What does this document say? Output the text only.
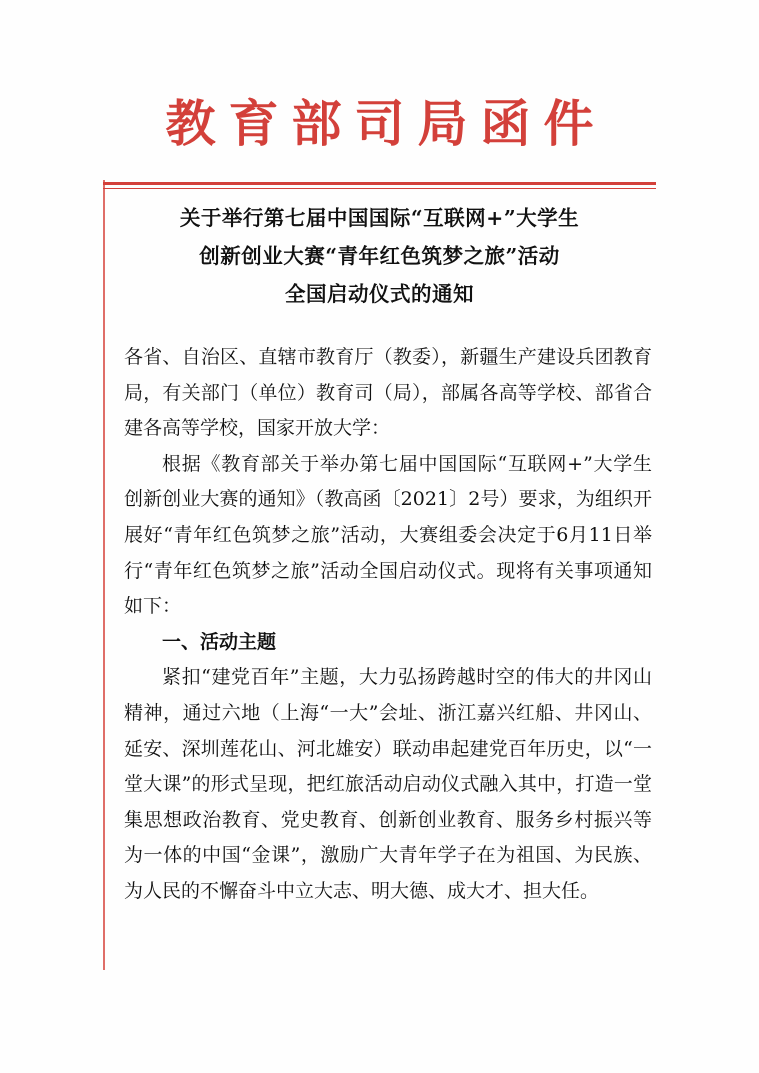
教育部司局函件
关于举行第七届中国国际“互联网+”大学生
创新创业大赛“青年红色筑梦之旅”活动
全国启动仪式的通知

各省、自治区、直辖市教育厅（教委），新疆生产建设兵团教育局，有关部门（单位）教育司（局），部属各高等学校、部省合建各高等学校，国家开放大学：

根据《教育部关于举办第七届中国国际“互联网+”大学生创新创业大赛的通知》（教高函〔2021〕2号）要求，为组织开展好“青年红色筑梦之旅”活动，大赛组委会决定于6月11日举行“青年红色筑梦之旅”活动全国启动仪式。现将有关事项通知如下：

一、活动主题

紧扣“建党百年”主题，大力弘扬跨越时空的伟大的井冈山精神，通过六地（上海“一大”会址、浙江嘉兴红船、井冈山、延安、深圳莲花山、河北雄安）联动串起建党百年历史，以“一堂大课”的形式呈现，把红旅活动启动仪式融入其中，打造一堂集思想政治教育、党史教育、创新创业教育、服务乡村振兴等为一体的中国“金课”，激励广大青年学子在为祖国、为民族、为人民的不懈奋斗中立大志、明大德、成大才、担大任。
